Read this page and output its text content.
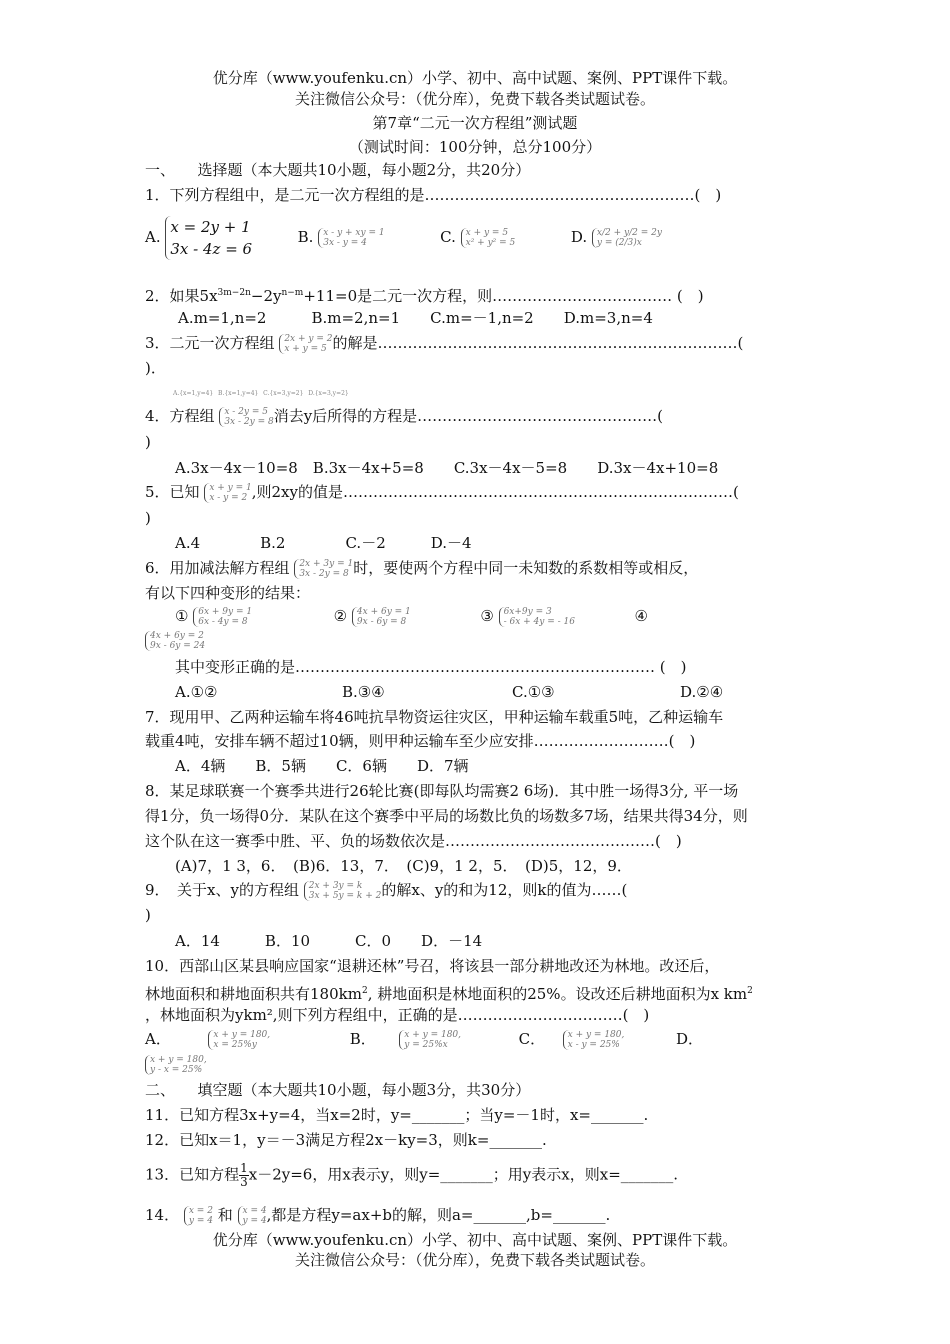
优分库（www.youfenku.cn）小学、初中、高中试题、案例、PPT课件下载。
关注微信公众号：（优分库），免费下载各类试题试卷。
第7章“二元一次方程组”测试题
（测试时间：100分钟，总分100分）
一、　　选择题（本大题共10小题，每小题2分，共20分）
1．下列方程组中，是二元一次方程组的是………………………………………………(　)
A.
x = 2y + 1
3x - 4z = 6
B. x - y + xy = 1
3x - y = 4	C. x + y = 5
x² + y² = 5	D. x/2 + y/2 = 2y
y = (2/3)x
2．如果$5x^{3m-2n}-2y^{n-m}+11=0$是二元一次方程，则……………………………… (　)
A.m=1,n=2　　　B.m=2,n=1　　C.m=－1,n=2　　D.m=3,n=4
3．二元一次方程组 2x + y = 2
x + y = 5 的解是………………………………………………………………(
)．
A.{x=1,y=4} B.{x=1,y=4} C.{x=3,y=2} D.{x=3,y=2}
4．方程组 x - 2y = 5
3x - 2y = 8 消去y后所得的方程是…………………………………………(
)
A.3x－4x－10=8　B.3x－4x+5=8　　C.3x－4x－5=8　　D.3x－4x+10=8
5．已知 x + y = 1
x - y = 2 ,则2xy的值是……………………………………………………………………(
)
A.4　　　　B.2　　　　C.－2　　　D.－4
6．用加减法解方程组 2x + 3y = 1
3x - 2y = 8 时，要使两个方程中同一未知数的系数相等或相反，
有以下四种变形的结果：
① 6x + 9y = 1
6x - 4y = 8	② 4x + 6y = 1
9x - 6y = 8	③ 6x+9y = 3
- 6x + 4y = - 16	④
4x + 6y = 2
9x - 6y = 24
其中变形正确的是……………………………………………………………… (　)
A.①②	B.③④	C.①③	D.②④
7．现用甲、乙两种运输车将46吨抗旱物资运往灾区，甲种运输车载重5吨，乙种运输车
载重4吨，安排车辆不超过10辆，则甲种运输车至少应安排………………………(　)
A．4辆　　B．5辆　　C．6辆　　D．7辆
8．某足球联赛一个赛季共进行26轮比赛(即每队均需赛2 6场)．其中胜一场得3分, 平一场
得1分，负一场得0分．某队在这个赛季中平局的场数比负的场数多7场，结果共得34分，则
这个队在这一赛季中胜、平、负的场数依次是……………………………………(　)
(A)7，1 3，6．　(B)6．13，7．　(C)9，1 2，5．　(D)5，12，9．
9．　关于x、y的方程组 2x + 3y = k
3x + 5y = k + 2 的解x、y的和为12，则k的值为……(
)
A．14　　　B．10　　　C．0　　D．－14
10．西部山区某县响应国家“退耕还林”号召，将该县一部分耕地改还为林地。改还后，
林地面积和耕地面积共有$180km^2$, 耕地面积是林地面积的25%。设改还后耕地面积为x $km^2$
，林地面积为ykm²,则下列方程组中，正确的是……………………………(　)
A．	x + y = 180,
x = 25%y	B．	x + y = 180,
y = 25%x	C．	x + y = 180,
x - y = 25%	D．
x + y = 180,
y - x = 25%
二、　　填空题（本大题共10小题，每小题3分，共30分）
11．已知方程3x+y=4，当x=2时，y=_______；当y=－1时，x=_______.
12．已知x＝1，y＝－3满足方程2x－ky=3，则k=_______.
13．已知方程 $\frac{1}{3} x-2y=6$，用x表示y，则y=_______；用y表示x，则x=_______.
14． x = 2
y = 4 和 x = 4
y = 4 ,都是方程y=ax+b的解，则a=_______,b=_______.
优分库（www.youfenku.cn）小学、初中、高中试题、案例、PPT课件下载。
关注微信公众号：（优分库），免费下载各类试题试卷。
